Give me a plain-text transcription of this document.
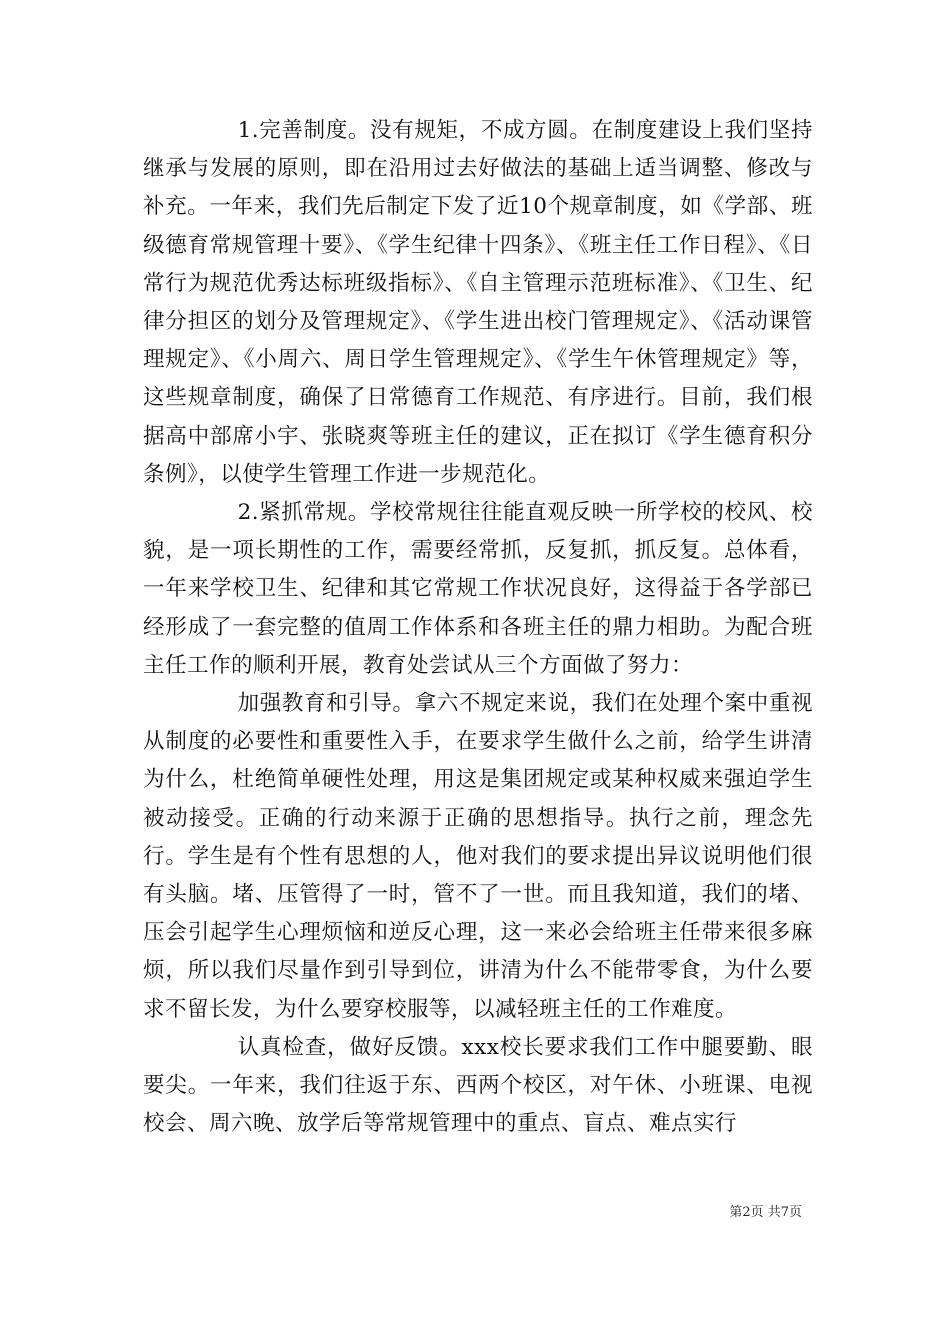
1.完善制度。没有规矩，不成方圆。在制度建设上我们坚持继承与发展的原则，即在沿用过去好做法的基础上适当调整、修改与补充。一年来，我们先后制定下发了近10个规章制度，如《学部、班级德育常规管理十要》、《学生纪律十四条》、《班主任工作日程》、《日常行为规范优秀达标班级指标》、《自主管理示范班标准》、《卫生、纪律分担区的划分及管理规定》、《学生进出校门管理规定》、《活动课管理规定》、《小周六、周日学生管理规定》、《学生午休管理规定》等，这些规章制度，确保了日常德育工作规范、有序进行。目前，我们根据高中部席小宇、张晓爽等班主任的建议，正在拟订《学生德育积分条例》，以使学生管理工作进一步规范化。

2.紧抓常规。学校常规往往能直观反映一所学校的校风、校貌，是一项长期性的工作，需要经常抓，反复抓，抓反复。总体看，一年来学校卫生、纪律和其它常规工作状况良好，这得益于各学部已经形成了一套完整的值周工作体系和各班主任的鼎力相助。为配合班主任工作的顺利开展，教育处尝试从三个方面做了努力：

加强教育和引导。拿六不规定来说，我们在处理个案中重视从制度的必要性和重要性入手，在要求学生做什么之前，给学生讲清为什么，杜绝简单硬性处理，用这是集团规定或某种权威来强迫学生被动接受。正确的行动来源于正确的思想指导。执行之前，理念先行。学生是有个性有思想的人，他对我们的要求提出异议说明他们很有头脑。堵、压管得了一时，管不了一世。而且我知道，我们的堵、压会引起学生心理烦恼和逆反心理，这一来必会给班主任带来很多麻烦，所以我们尽量作到引导到位，讲清为什么不能带零食，为什么要求不留长发，为什么要穿校服等，以减轻班主任的工作难度。

认真检查，做好反馈。xxx校长要求我们工作中腿要勤、眼要尖。一年来，我们往返于东、西两个校区，对午休、小班课、电视校会、周六晚、放学后等常规管理中的重点、盲点、难点实行

第2页 共7页
